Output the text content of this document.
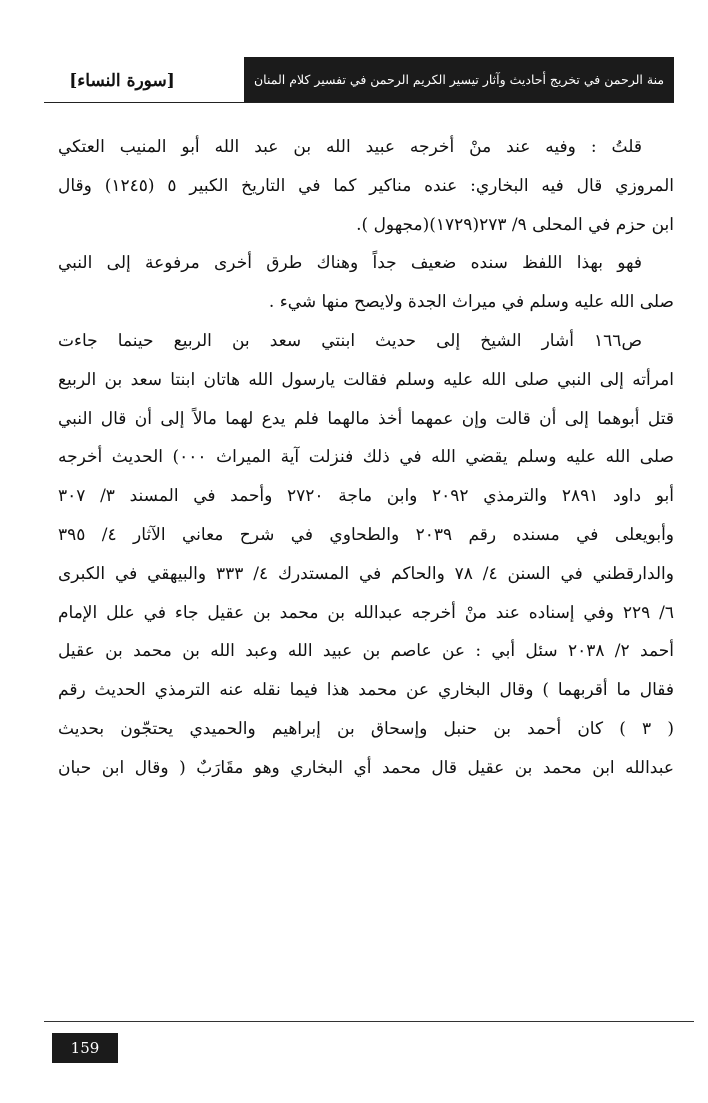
منة الرحمن في تخريج أحاديث وآثار تيسير الكريم الرحمن في تفسير كلام المنان
[سورة النساء]
قلتُ : وفيه عند منْ أخرجه عبيد الله بن عبد الله أبو المنيب العتكي
المروزي قال فيه البخاري: عنده مناكير كما في التاريخ الكبير ٥ (١٢٤٥) وقال
ابن حزم في المحلى ٩/ ٢٧٣(١٧٢٩)(مجهول ).
فهو بهذا اللفظ سنده ضعيف جداً وهناك طرق أخرى مرفوعة إلى النبي
صلى الله عليه وسلم في ميراث الجدة ولايصح منها شيء .
ص١٦٦ أشار الشيخ إلى حديث ابنتي سعد بن الربيع حينما جاءت
امرأته إلى النبي صلى الله عليه وسلم فقالت يارسول الله هاتان ابنتا سعد بن الربيع
قتل أبوهما إلى أن قالت وإن عمهما أخذ مالهما فلم يدع لهما مالاً إلى أن قال النبي
صلى الله عليه وسلم يقضي الله في ذلك فنزلت آية الميراث ٠٠٠) الحديث أخرجه
أبو داود ٢٨٩١ والترمذي ٢٠٩٢ وابن ماجة ٢٧٢٠ وأحمد في المسند ٣/ ٣٠٧
وأبويعلى في مسنده رقم ٢٠٣٩ والطحاوي في شرح معاني الآثار ٤/ ٣٩٥
والدارقطني في السنن ٤/ ٧٨ والحاكم في المستدرك ٤/ ٣٣٣ والبيهقي في الكبرى
٦/ ٢٢٩ وفي إسناده عند منْ أخرجه عبدالله بن محمد بن عقيل جاء في علل الإمام
أحمد ٢/ ٢٠٣٨ سئل أبي : عن عاصم بن عبيد الله وعبد الله بن محمد بن عقيل
فقال ما أقربهما ) وقال البخاري عن محمد هذا فيما نقله عنه الترمذي الحديث رقم
( ٣ ) كان أحمد بن حنبل وإسحاق بن إبراهيم والحميدي يحتجّون بحديث
عبدالله ابن محمد بن عقيل قال محمد أي البخاري وهو مقَارَبٌ ( وقال ابن حبان
159
